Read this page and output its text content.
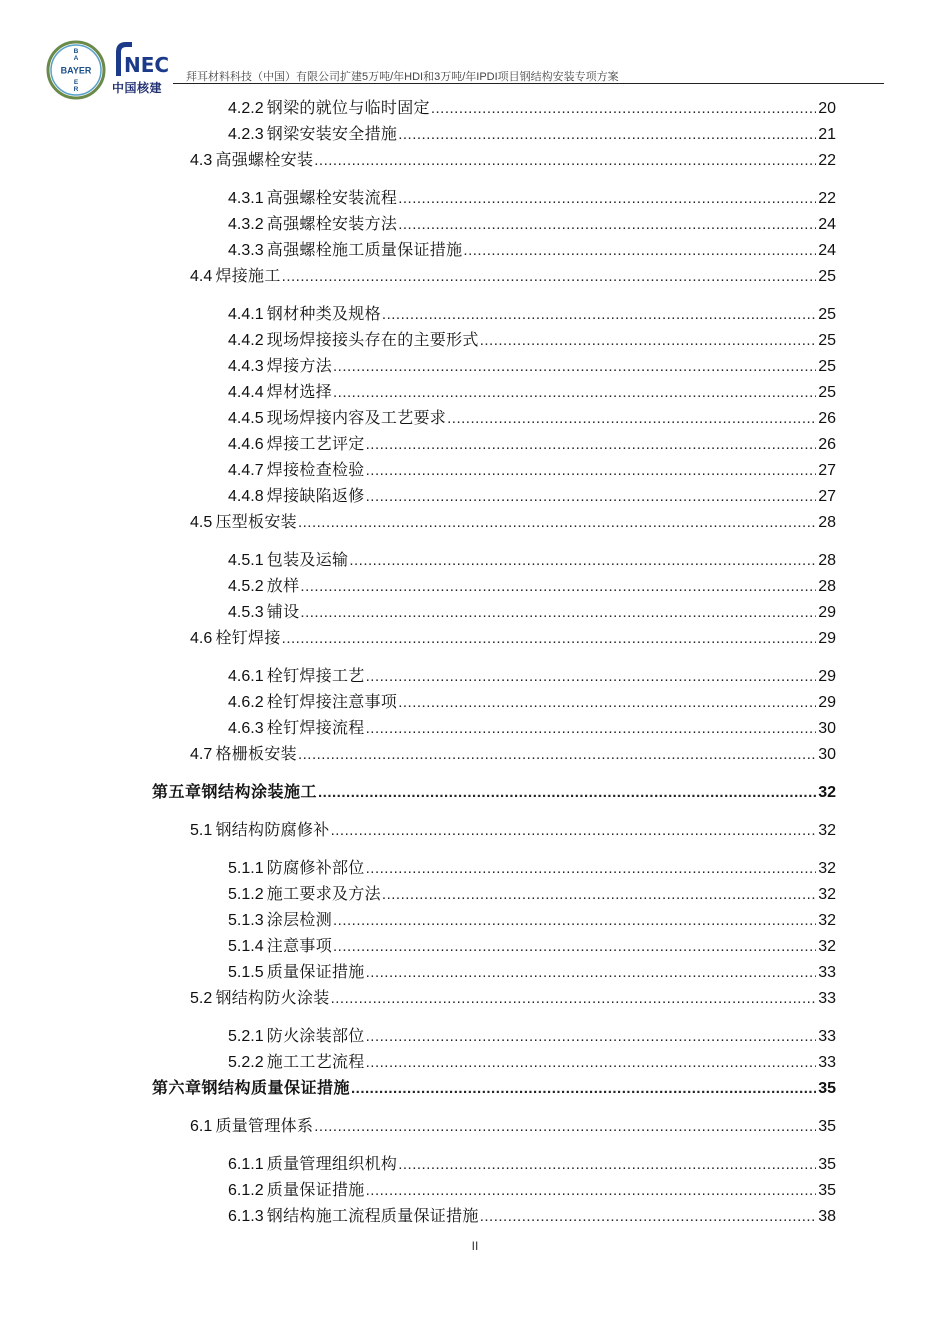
B
A
BAYER
E
R
NEC
中国核建
拜耳材料科技（中国）有限公司扩建5万吨/年HDI和3万吨/年IPDI项目钢结构安装专项方案
4.2.2  钢梁的就位与临时固定 .....	20
4.2.3  钢梁安装安全措施 .....	21
4.3  高强螺栓安装 .....	22
4.3.1  高强螺栓安装流程 .....	22
4.3.2  高强螺栓安装方法 .....	24
4.3.3  高强螺栓施工质量保证措施 .....	24
4.4  焊接施工 .....	25
4.4.1  钢材种类及规格 .....	25
4.4.2  现场焊接接头存在的主要形式 .....	25
4.4.3  焊接方法 .....	25
4.4.4  焊材选择 .....	25
4.4.5  现场焊接内容及工艺要求 .....	26
4.4.6  焊接工艺评定 .....	26
4.4.7  焊接检查检验 .....	27
4.4.8  焊接缺陷返修 .....	27
4.5  压型板安装 .....	28
4.5.1  包装及运输 .....	28
4.5.2  放样 .....	28
4.5.3  铺设 .....	29
4.6  栓钉焊接 .....	29
4.6.1  栓钉焊接工艺 .....	29
4.6.2  栓钉焊接注意事项 .....	29
4.6.3  栓钉焊接流程 .....	30
4.7  格栅板安装 .....	30
第五章钢结构涂装施工 .....	32
5.1  钢结构防腐修补 .....	32
5.1.1  防腐修补部位 .....	32
5.1.2  施工要求及方法 .....	32
5.1.3  涂层检测 .....	32
5.1.4  注意事项 .....	32
5.1.5  质量保证措施 .....	33
5.2  钢结构防火涂装 .....	33
5.2.1  防火涂装部位 .....	33
5.2.2  施工工艺流程 .....	33
第六章钢结构质量保证措施 .....	35
6.1  质量管理体系 .....	35
6.1.1  质量管理组织机构 .....	35
6.1.2  质量保证措施 .....	35
6.1.3  钢结构施工流程质量保证措施 .....	38
II
